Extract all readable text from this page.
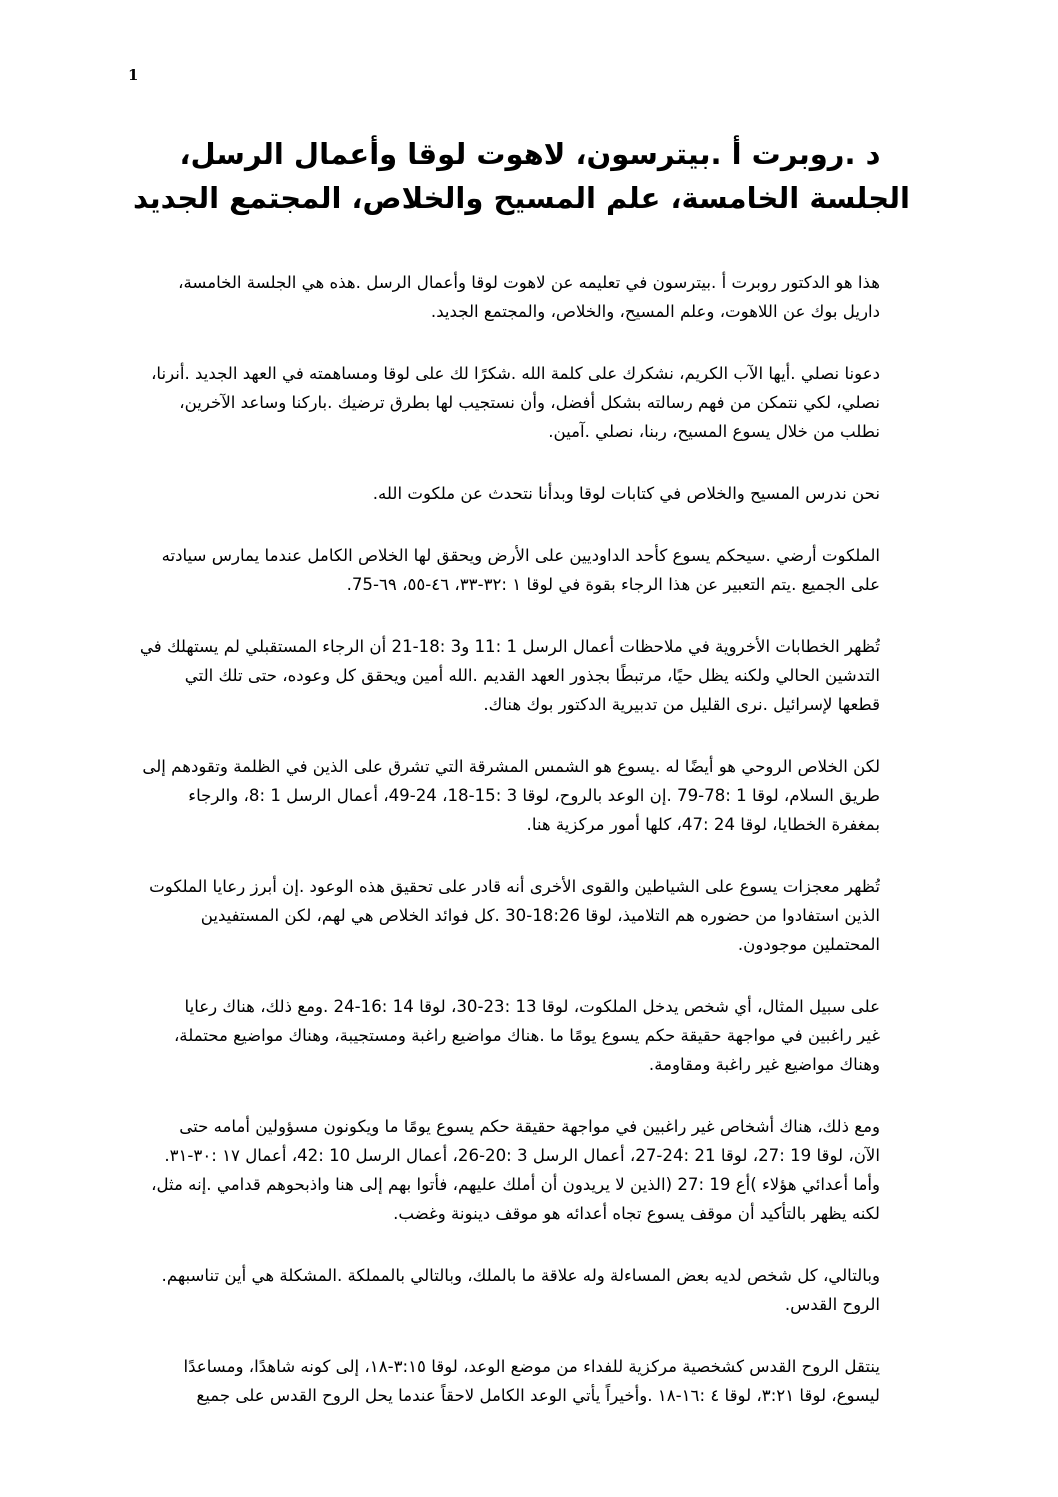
1
د .روبرت أ .بيترسون، لاهوت لوقا وأعمال الرسل،
الجلسة الخامسة، علم المسيح والخلاص، المجتمع الجديد

هذا هو الدكتور روبرت أ .بيترسون في تعليمه عن لاهوت لوقا وأعمال الرسل .هذه هي الجلسة الخامسة،
داريل بوك عن اللاهوت، وعلم المسيح، والخلاص، والمجتمع الجديد.

دعونا نصلي .أيها الآب الكريم، نشكرك على كلمة الله .شكرًا لك على لوقا ومساهمته في العهد الجديد .أنرنا،
نصلي، لكي نتمكن من فهم رسالته بشكل أفضل، وأن نستجيب لها بطرق ترضيك .باركنا وساعد الآخرين،
نطلب من خلال يسوع المسيح، ربنا، نصلي .آمين.

نحن ندرس المسيح والخلاص في كتابات لوقا وبدأنا نتحدث عن ملكوت الله.

الملكوت أرضي .سيحكم يسوع كأحد الداوديين على الأرض ويحقق لها الخلاص الكامل عندما يمارس سيادته
على الجميع .يتم التعبير عن هذا الرجاء بقوة في لوقا ١ :٣٢-٣٣، ٤٦-٥٥، ٦٩-75.

تُظهر الخطابات الأخروية في ملاحظات أعمال الرسل 1 :11 و3 :18-21 أن الرجاء المستقبلي لم يستهلك في
التدشين الحالي ولكنه يظل حيًا، مرتبطًا بجذور العهد القديم .الله أمين ويحقق كل وعوده، حتى تلك التي
قطعها لإسرائيل .نرى القليل من تدبيرية الدكتور بوك هناك.

لكن الخلاص الروحي هو أيضًا له .يسوع هو الشمس المشرقة التي تشرق على الذين في الظلمة وتقودهم إلى
طريق السلام، لوقا 1 :78-79 .إن الوعد بالروح، لوقا 3 :15-18، 24-49، أعمال الرسل 1 :8، والرجاء
بمغفرة الخطايا، لوقا 24 :47، كلها أمور مركزية هنا.

تُظهر معجزات يسوع على الشياطين والقوى الأخرى أنه قادر على تحقيق هذه الوعود .إن أبرز رعايا الملكوت
الذين استفادوا من حضوره هم التلاميذ، لوقا 18:26-30 .كل فوائد الخلاص هي لهم، لكن المستفيدين
المحتملين موجودون.

على سبيل المثال، أي شخص يدخل الملكوت، لوقا 13 :23-30، لوقا 14 :16-24 .ومع ذلك، هناك رعايا
غير راغبين في مواجهة حقيقة حكم يسوع يومًا ما .هناك مواضيع راغبة ومستجيبة، وهناك مواضيع محتملة،
وهناك مواضيع غير راغبة ومقاومة.

ومع ذلك، هناك أشخاص غير راغبين في مواجهة حقيقة حكم يسوع يومًا ما ويكونون مسؤولين أمامه حتى
الآن، لوقا 19 :27، لوقا 21 :24-27، أعمال الرسل 3 :20-26، أعمال الرسل 10 :42، أعمال ١٧ :٣٠-٣١.
وأما أعدائي هؤلاء )أع 19 :27 (الذين لا يريدون أن أملك عليهم، فأتوا بهم إلى هنا واذبحوهم قدامي .إنه مثل،
لكنه يظهر بالتأكيد أن موقف يسوع تجاه أعدائه هو موقف دينونة وغضب.

وبالتالي، كل شخص لديه بعض المساءلة وله علاقة ما بالملك، وبالتالي بالمملكة .المشكلة هي أين تناسبهم.
الروح القدس.

ينتقل الروح القدس كشخصية مركزية للفداء من موضع الوعد، لوقا ٣:١٥-١٨، إلى كونه شاهدًا، ومساعدًا
ليسوع، لوقا ٣:٢١، لوقا ٤ :١٦-١٨ .وأخيراً يأتي الوعد الكامل لاحقاً عندما يحل الروح القدس على جميع
